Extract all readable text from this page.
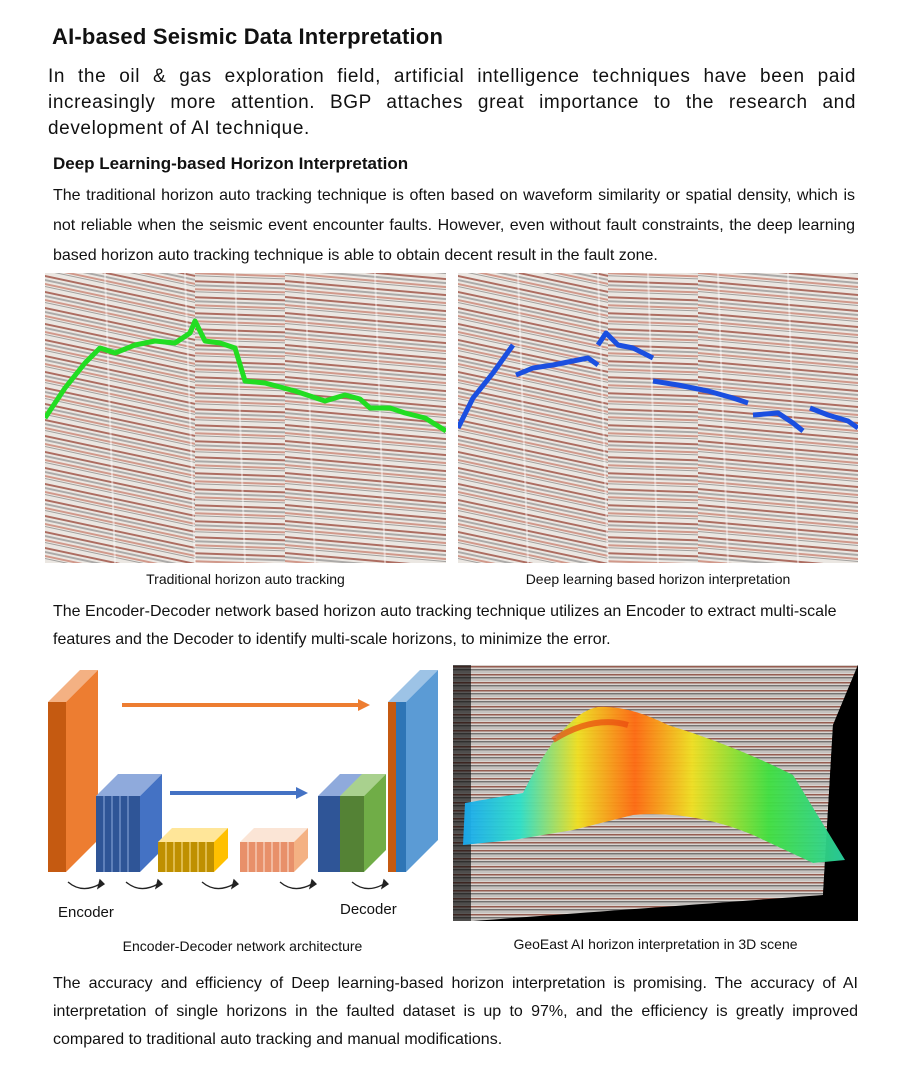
AI-based Seismic Data Interpretation
In the oil & gas exploration field, artificial intelligence techniques have been paid increasingly more attention. BGP attaches great importance to the research and development of AI technique.
Deep Learning-based Horizon Interpretation
The traditional horizon auto tracking technique is often based on waveform similarity or spatial density, which is not reliable when the seismic event encounter faults. However, even without fault constraints, the deep learning based horizon auto tracking technique is able to obtain decent result in the fault zone.
Traditional horizon auto tracking	Deep learning based horizon interpretation
The Encoder-Decoder network based horizon auto tracking technique utilizes an Encoder to extract multi-scale features and the Decoder to identify multi-scale horizons, to minimize the error.
Encoder	Decoder
Encoder-Decoder network architecture	GeoEast AI horizon interpretation in 3D scene
The accuracy and efficiency of Deep learning-based horizon interpretation is promising. The accuracy of AI interpretation of single horizons in the faulted dataset is up to 97%, and the efficiency is greatly improved compared to traditional auto tracking and manual modifications.
